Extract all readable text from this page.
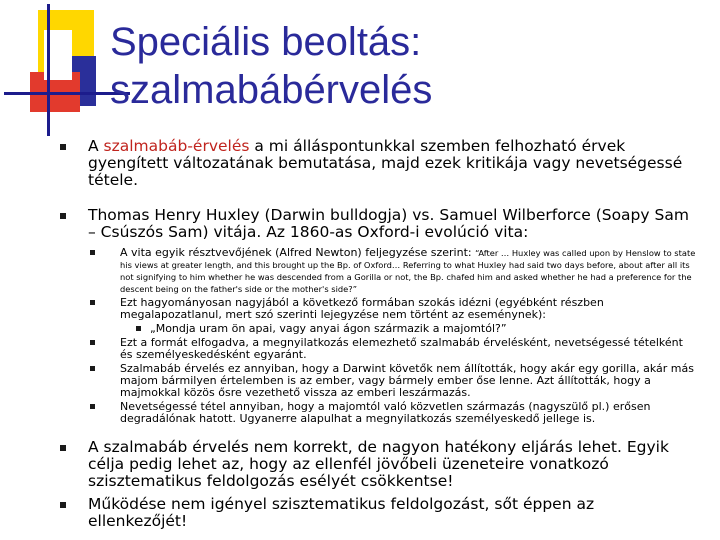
Speciális beoltás:
szalmabábérvelés
A szalmabáb-érvelés a mi álláspontunkkal szemben felhozható érvek gyengített változatának bemutatása, majd ezek kritikája vagy nevetségessé tétele.
Thomas Henry Huxley (Darwin bulldogja) vs. Samuel Wilberforce (Soapy Sam – Csúszós Sam) vitája. Az 1860-as Oxford-i evolúció vita:
A vita egyik résztvevőjének (Alfred Newton) feljegyzése szerint: “After … Huxley was called upon by Henslow to state his views at greater length, and this brought up the Bp. of Oxford… Referring to what Huxley had said two days before, about after all its not signifying to him whether he was descended from a Gorilla or not, the Bp. chafed him and asked whether he had a preference for the descent being on the father's side or the mother's side?”
Ezt hagyományosan nagyjából a következő formában szokás idézni (egyébként részben megalapozatlanul, mert szó szerinti lejegyzése nem történt az eseménynek):
„Mondja uram ön apai, vagy anyai ágon származik a majomtól?”
Ezt a formát elfogadva, a megnyilatkozás elemezhető szalmabáb érvelésként, nevetségessé tételként és személyeskedésként egyaránt.
Szalmabáb érvelés ez annyiban, hogy a Darwint követők nem állították, hogy akár egy gorilla, akár más majom bármilyen értelemben is az ember, vagy bármely ember őse lenne. Azt állították, hogy a majmokkal közös ősre vezethető vissza az emberi leszármazás.
Nevetségessé tétel annyiban, hogy a majomtól való közvetlen származás (nagyszülő pl.) erősen degradálónak hatott. Ugyanerre alapulhat a megnyilatkozás személyeskedő jellege is.
A szalmabáb érvelés nem korrekt, de nagyon hatékony eljárás lehet. Egyik célja pedig lehet az, hogy az ellenfél jövőbeli üzeneteire vonatkozó szisztematikus feldolgozás esélyét csökkentse!
Működése nem igényel szisztematikus feldolgozást, sőt éppen az ellenkezőjét!
